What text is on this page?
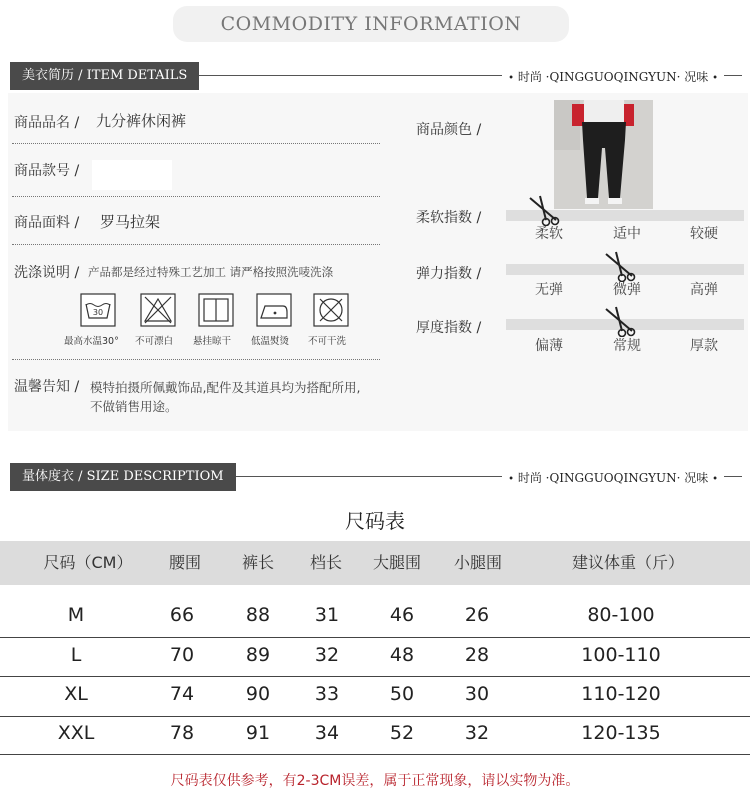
COMMODITY INFORMATION
美衣简历 / ITEM DETAILS	• 时尚 ·QINGGUOQINGYUN· 况味 •
商品品名 / 九分裤休闲裤
商品款号 /
商品面料 / 罗马拉架
洗涤说明 / 产品都是经过特殊工艺加工 请严格按照洗唛洗涤
30
最高水温30° 不可漂白 悬挂晾干 低温熨烫 不可干洗
温馨告知 / 模特拍摄所佩戴饰品,配件及其道具均为搭配所用,
不做销售用途。
商品颜色 /
柔软指数 /
柔软	适中	较硬
弹力指数 /
无弹	微弹	高弹
厚度指数 /
偏薄	常规	厚款
量体度衣 / SIZE DESCRIPTIOM	• 时尚 ·QINGGUOQINGYUN· 况味 •
尺码表
尺码（CM） 腰围	裤长 档长 大腿围 小腿围	建议体重（斤）
M	66	88 31	46	26	80-100
L	70	89 32	48	28	100-110
XL	74	90 33	50	30	110-120
XXL	78	91 34	52	32	120-135
尺码表仅供参考，有2-3CM误差，属于正常现象，请以实物为准。
